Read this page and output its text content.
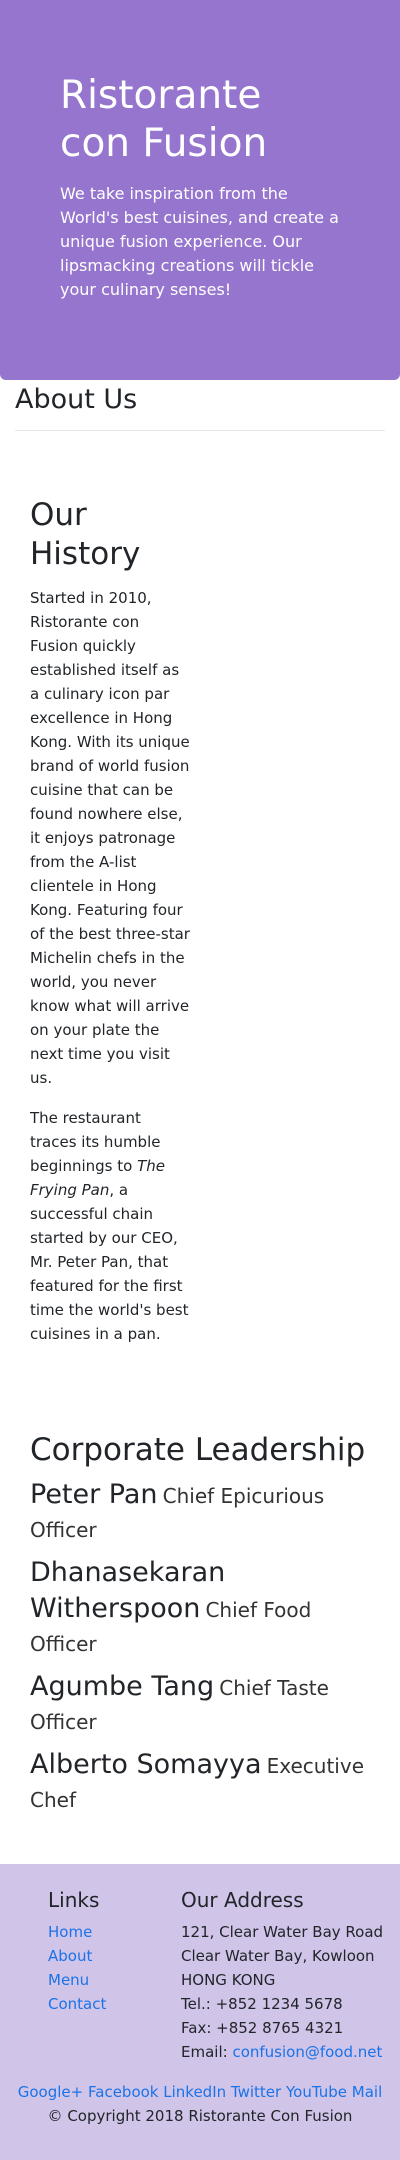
Ristorante con Fusion

We take inspiration from the World's best cuisines, and create a unique fusion experience. Our lipsmacking creations will tickle your culinary senses!

About Us
Our History

Started in 2010, Ristorante con Fusion quickly established itself as a culinary icon par excellence in Hong Kong. With its unique brand of world fusion cuisine that can be found nowhere else, it enjoys patronage from the A-list clientele in Hong Kong. Featuring four of the best three-star Michelin chefs in the world, you never know what will arrive on your plate the next time you visit us.

The restaurant traces its humble beginnings to The Frying Pan, a successful chain started by our CEO, Mr. Peter Pan, that featured for the first time the world's best cuisines in a pan.

Corporate Leadership
Peter Pan Chief Epicurious Officer
Dhanasekaran Witherspoon Chief Food Officer
Agumbe Tang Chief Taste Officer
Alberto Somayya Executive Chef
Links
Home
About
Menu
Contact
Our Address
121, Clear Water Bay Road
Clear Water Bay, Kowloon
HONG KONG
Tel.: +852 1234 5678
Fax: +852 8765 4321
Email: confusion@food.net
Google+ Facebook LinkedIn Twitter YouTube Mail
© Copyright 2018 Ristorante Con Fusion
